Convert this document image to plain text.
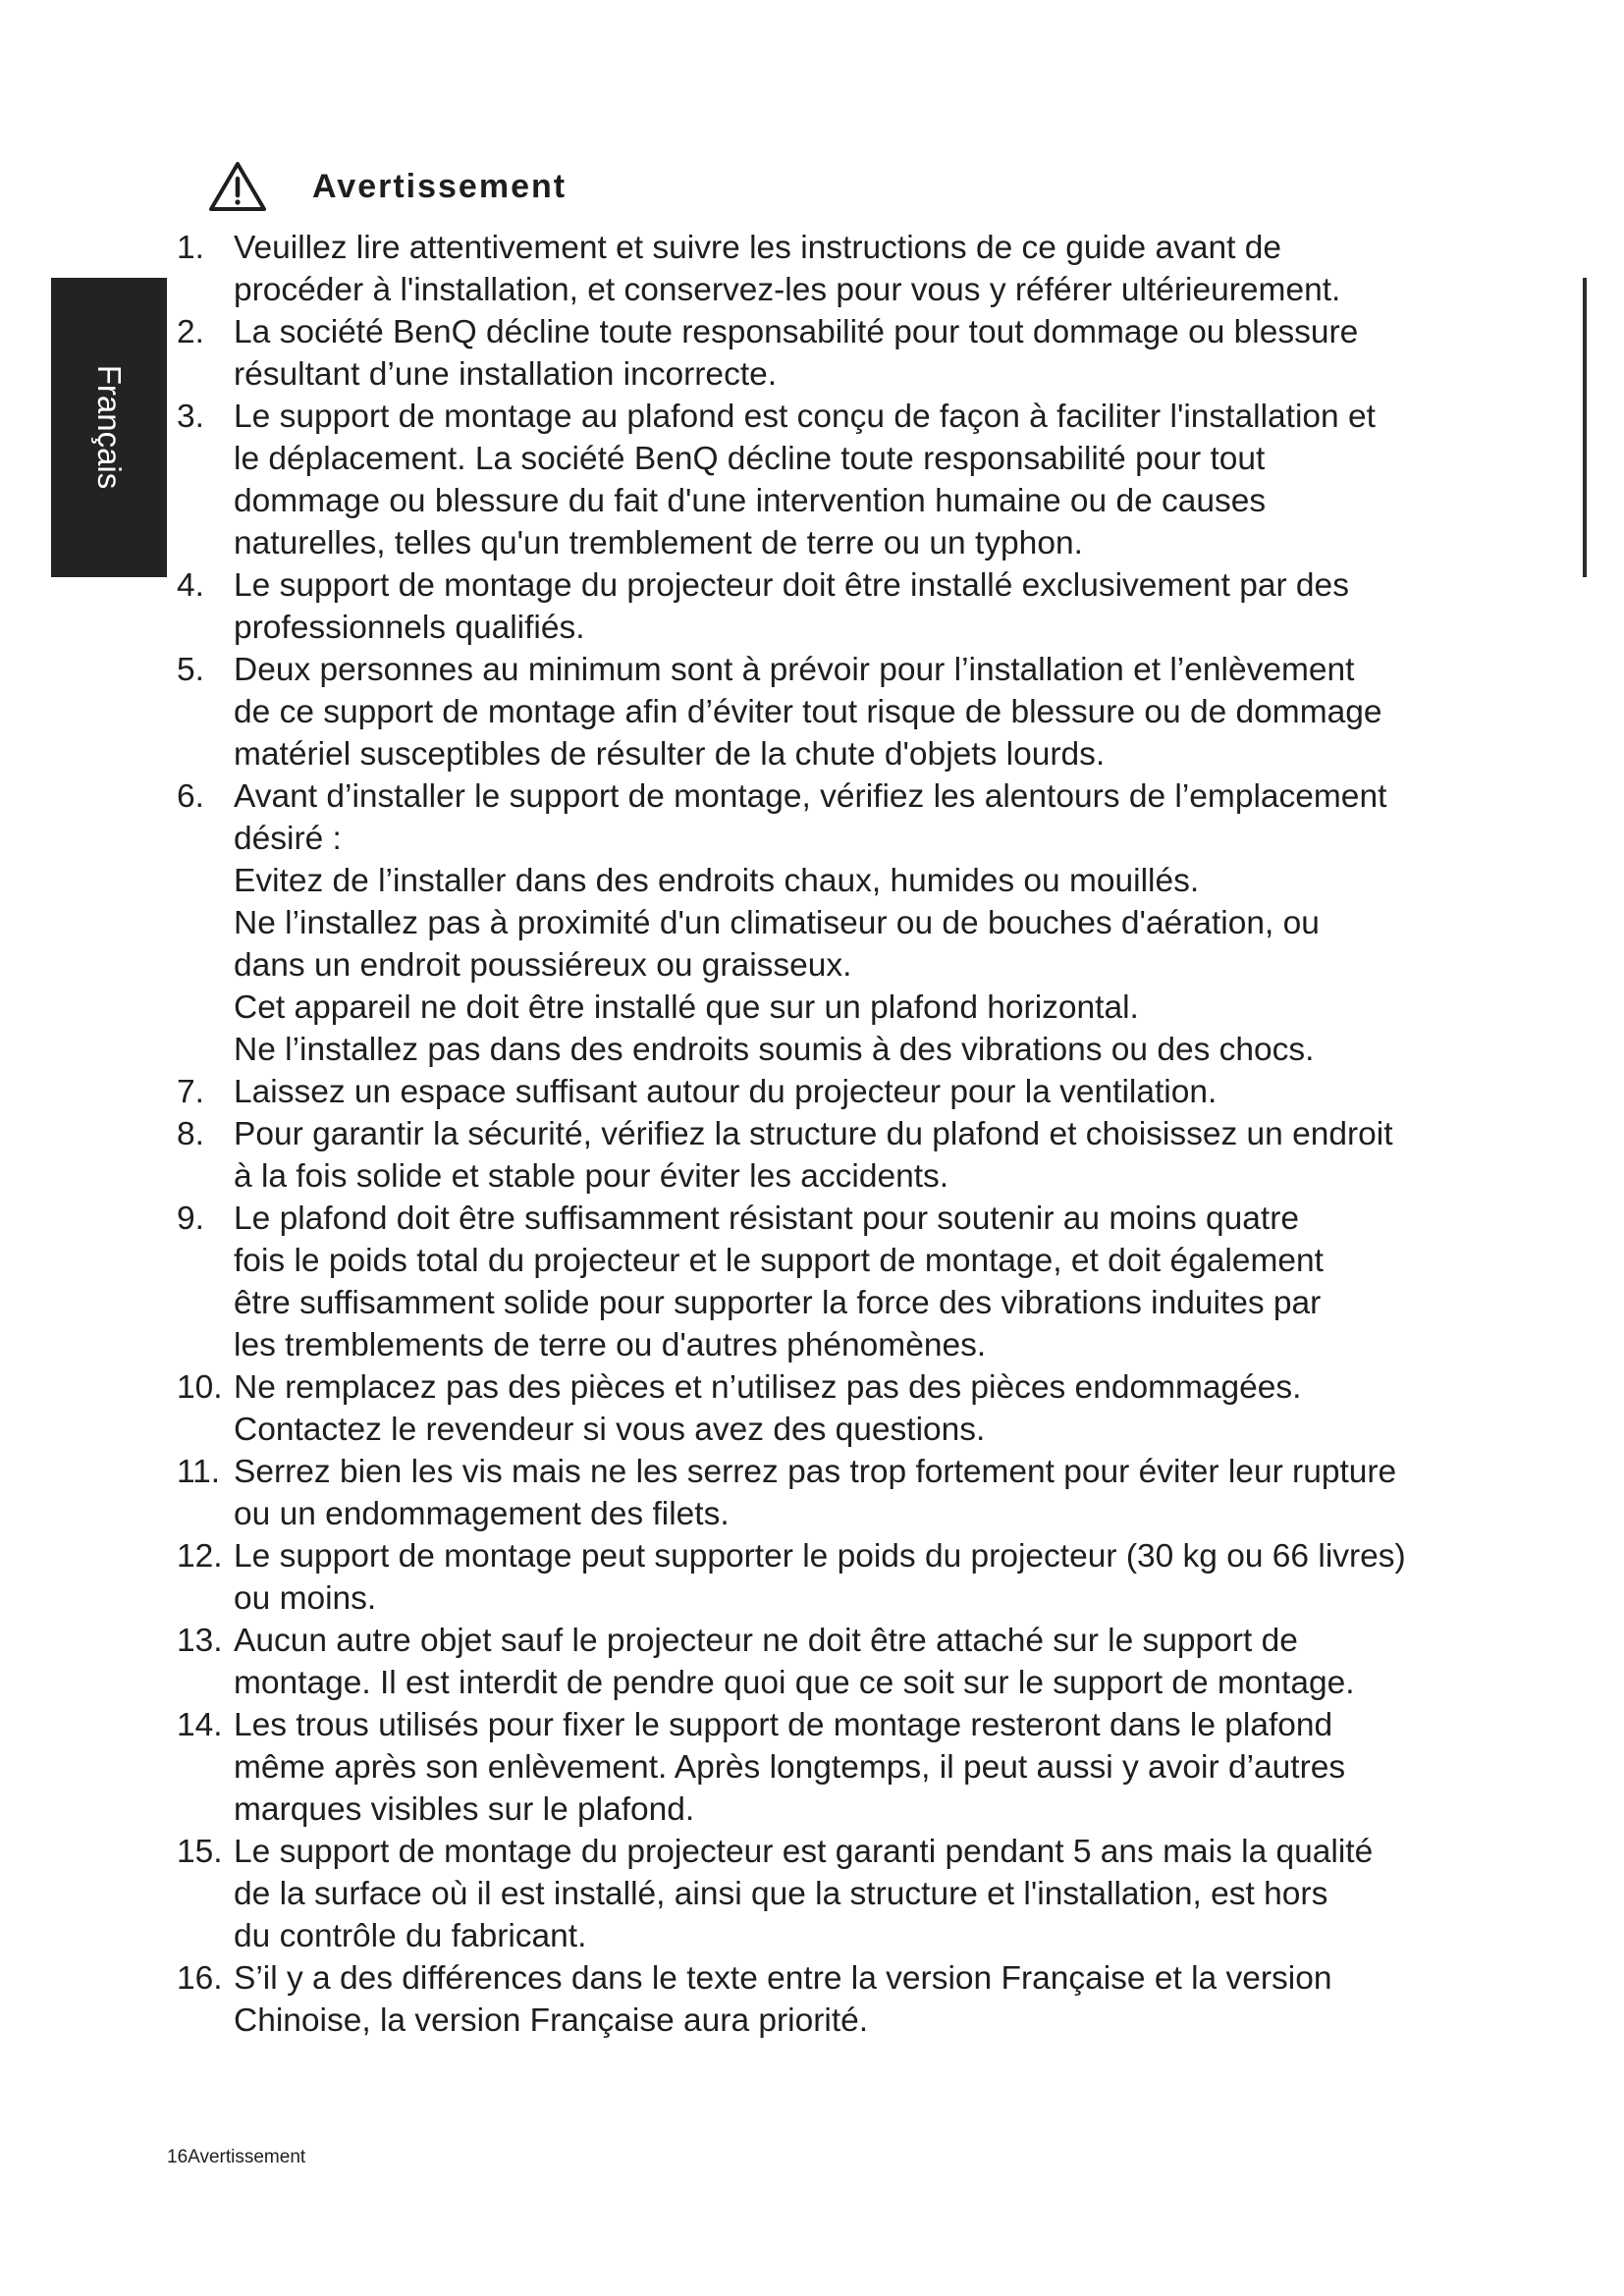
Français
Avertissement
1. Veuillez lire attentivement et suivre les instructions de ce guide avant de
procéder à l'installation, et conservez-les pour vous y référer ultérieurement.
2. La société BenQ décline toute responsabilité pour tout dommage ou blessure
résultant d’une installation incorrecte.
3. Le support de montage au plafond est conçu de façon à faciliter l'installation et
le déplacement. La société BenQ décline toute responsabilité pour tout
dommage ou blessure du fait d'une intervention humaine ou de causes
naturelles, telles qu'un tremblement de terre ou un typhon.
4. Le support de montage du projecteur doit être installé exclusivement par des
professionnels qualifiés.
5. Deux personnes au minimum sont à prévoir pour l’installation et l’enlèvement
de ce support de montage afin d’éviter tout risque de blessure ou de dommage
matériel susceptibles de résulter de la chute d'objets lourds.
6. Avant d’installer le support de montage, vérifiez les alentours de l’emplacement
désiré :
Evitez de l’installer dans des endroits chaux, humides ou mouillés.
Ne l’installez pas à proximité d'un climatiseur ou de bouches d'aération, ou
dans un endroit poussiéreux ou graisseux.
Cet appareil ne doit être installé que sur un plafond horizontal.
Ne l’installez pas dans des endroits soumis à des vibrations ou des chocs.
7. Laissez un espace suffisant autour du projecteur pour la ventilation.
8. Pour garantir la sécurité, vérifiez la structure du plafond et choisissez un endroit
à la fois solide et stable pour éviter les accidents.
9. Le plafond doit être suffisamment résistant pour soutenir au moins quatre
fois le poids total du projecteur et le support de montage, et doit également
être suffisamment solide pour supporter la force des vibrations induites par
les tremblements de terre ou d'autres phénomènes.
10. Ne remplacez pas des pièces et n’utilisez pas des pièces endommagées.
Contactez le revendeur si vous avez des questions.
11. Serrez bien les vis mais ne les serrez pas trop fortement pour éviter leur rupture
ou un endommagement des filets.
12. Le support de montage peut supporter le poids du projecteur (30 kg ou 66 livres)
ou moins.
13. Aucun autre objet sauf le projecteur ne doit être attaché sur le support de
montage. Il est interdit de pendre quoi que ce soit sur le support de montage.
14. Les trous utilisés pour fixer le support de montage resteront dans le plafond
même après son enlèvement. Après longtemps, il peut aussi y avoir d’autres
marques visibles sur le plafond.
15. Le support de montage du projecteur est garanti pendant 5 ans mais la qualité
de la surface où il est installé, ainsi que la structure et l'installation, est hors
du contrôle du fabricant.
16. S’il y a des différences dans le texte entre la version Française et la version
Chinoise, la version Française aura priorité.
16Avertissement
